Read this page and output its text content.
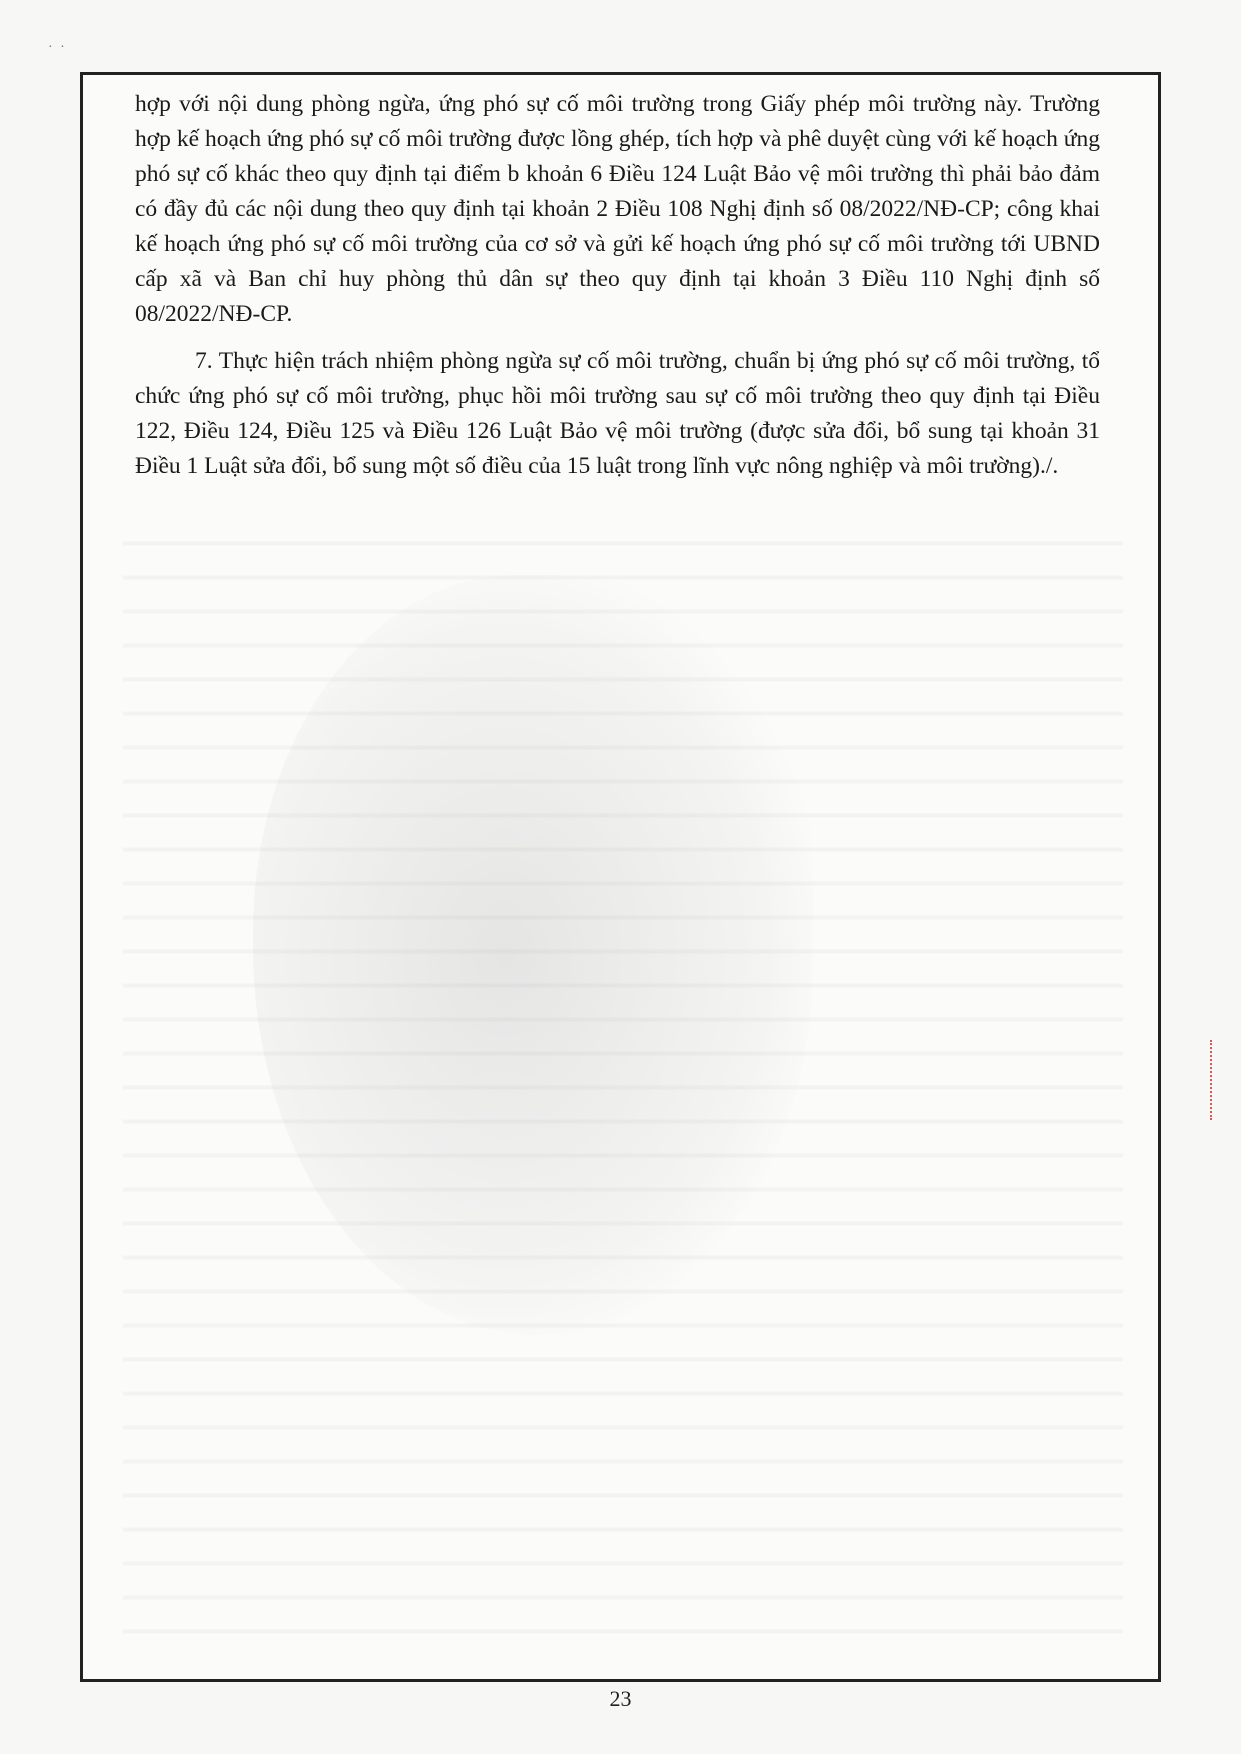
· ·

hợp với nội dung phòng ngừa, ứng phó sự cố môi trường trong Giấy phép môi trường này. Trường hợp kế hoạch ứng phó sự cố môi trường được lồng ghép, tích hợp và phê duyệt cùng với kế hoạch ứng phó sự cố khác theo quy định tại điểm b khoản 6 Điều 124 Luật Bảo vệ môi trường thì phải bảo đảm có đầy đủ các nội dung theo quy định tại khoản 2 Điều 108 Nghị định số 08/2022/NĐ-CP; công khai kế hoạch ứng phó sự cố môi trường của cơ sở và gửi kế hoạch ứng phó sự cố môi trường tới UBND cấp xã và Ban chỉ huy phòng thủ dân sự theo quy định tại khoản 3 Điều 110 Nghị định số 08/2022/NĐ-CP.

7. Thực hiện trách nhiệm phòng ngừa sự cố môi trường, chuẩn bị ứng phó sự cố môi trường, tổ chức ứng phó sự cố môi trường, phục hồi môi trường sau sự cố môi trường theo quy định tại Điều 122, Điều 124, Điều 125 và Điều 126 Luật Bảo vệ môi trường (được sửa đổi, bổ sung tại khoản 31 Điều 1 Luật sửa đổi, bổ sung một số điều của 15 luật trong lĩnh vực nông nghiệp và môi trường)./.

23
